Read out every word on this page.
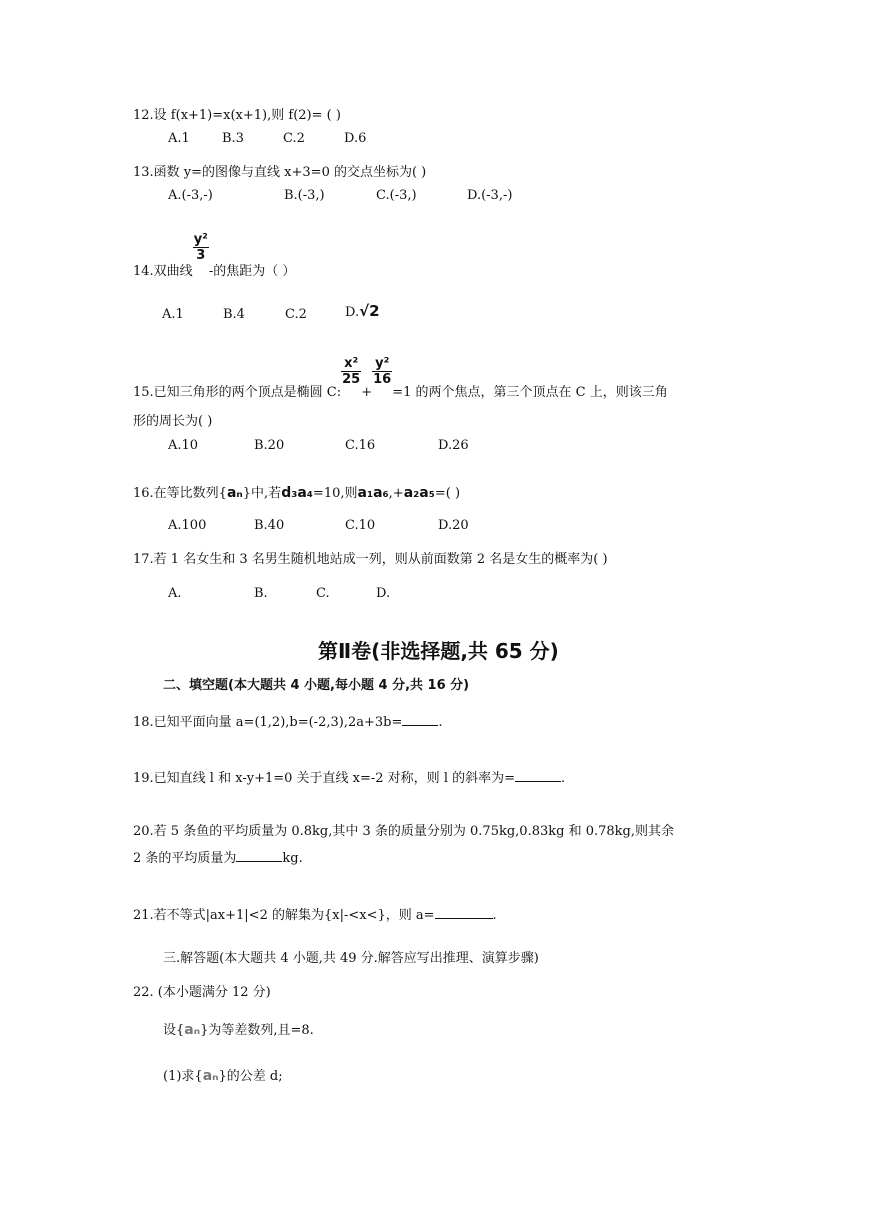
12.设 f(x+1)=x(x+1),则 f(2)= ( )
A.1 B.3	C.2	D.6
13.函数 y=的图像与直线 x+3=0 的交点坐标为( )
A.(-3,-)	B.(-3,)	C.(-3,)	D.(-3,-)
14.双曲线
$\frac{\text{y²}}{3}$
-的焦距为（ ）
A.1	B.4	C.2	D.√2
15.已知三角形的两个顶点是椭圆 C:
$\frac{\text{x²}}{25}$
+
$\frac{\text{y²}}{16}$
=1 的两个焦点，第三个顶点在 C 上，则该三角
形的周长为( )
A.10	B.20	C.16	D.26
16.在等比数列{aₙ}中,若d₃a₄=10,则a₁a₆,+a₂a₅=( )
A.100	B.40	C.10	D.20
17.若 1 名女生和 3 名男生随机地站成一列，则从前面数第 2 名是女生的概率为( )
A.	B.	C.	D.
第Ⅱ卷(非选择题,共 65 分)
二、填空题(本大题共 4 小题,每小题 4 分,共 16 分)
18.已知平面向量 a=(1,2),b=(-2,3),2a+3b=	.
19.已知直线 l 和 x-y+1=0 关于直线 x=-2 对称，则 l 的斜率为=	.
20.若 5 条鱼的平均质量为 0.8kg,其中 3 条的质量分别为 0.75kg,0.83kg 和 0.78kg,则其余
2 条的平均质量为	kg.
21.若不等式|ax+1|<2 的解集为{x|-<x<}，则 a=	.
三.解答题(本大题共 4 小题,共 49 分.解答应写出推理、演算步骤)
22. (本小题满分 12 分)
设{aₙ}为等差数列,且=8.
(1)求{aₙ}的公差 d;
